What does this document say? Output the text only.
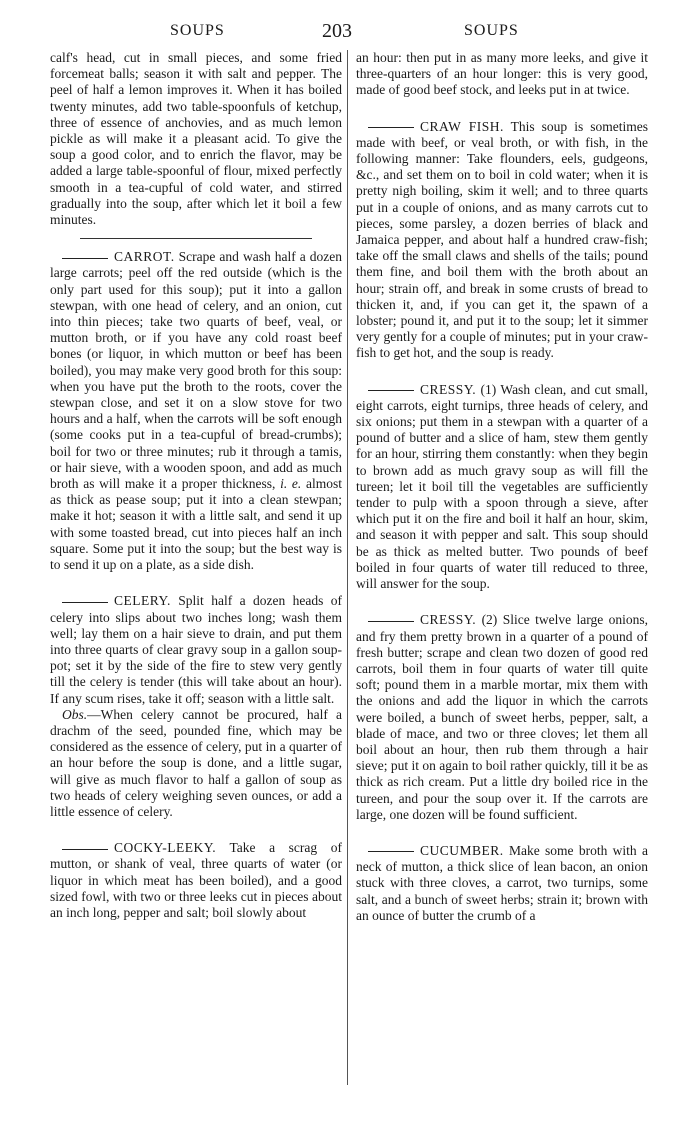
SOUPS	203	SOUPS

calf's head, cut in small pieces, and some fried forcemeat balls; season it with salt and pepper. The peel of half a lemon improves it. When it has boiled twenty minutes, add two table-spoonfuls of ketchup, three of essence of anchovies, and as much lemon pickle as will make it a pleasant acid. To give the soup a good color, and to enrich the flavor, may be added a large table-spoonful of flour, mixed perfectly smooth in a tea-cupful of cold water, and stirred gradually into the soup, after which let it boil a few minutes.

CARROT. Scrape and wash half a dozen large carrots; peel off the red outside (which is the only part used for this soup); put it into a gallon stewpan, with one head of celery, and an onion, cut into thin pieces; take two quarts of beef, veal, or mutton broth, or if you have any cold roast beef bones (or liquor, in which mutton or beef has been boiled), you may make very good broth for this soup: when you have put the broth to the roots, cover the stewpan close, and set it on a slow stove for two hours and a half, when the carrots will be soft enough (some cooks put in a tea-cupful of bread-crumbs); boil for two or three minutes; rub it through a tamis, or hair sieve, with a wooden spoon, and add as much broth as will make it a proper thickness, i. e. almost as thick as pease soup; put it into a clean stewpan; make it hot; season it with a little salt, and send it up with some toasted bread, cut into pieces half an inch square. Some put it into the soup; but the best way is to send it up on a plate, as a side dish.

CELERY. Split half a dozen heads of celery into slips about two inches long; wash them well; lay them on a hair sieve to drain, and put them into three quarts of clear gravy soup in a gallon soup-pot; set it by the side of the fire to stew very gently till the celery is tender (this will take about an hour). If any scum rises, take it off; season with a little salt.

Obs.—When celery cannot be procured, half a drachm of the seed, pounded fine, which may be considered as the essence of celery, put in a quarter of an hour before the soup is done, and a little sugar, will give as much flavor to half a gallon of soup as two heads of celery weighing seven ounces, or add a little essence of celery.

COCKY-LEEKY. Take a scrag of mutton, or shank of veal, three quarts of water (or liquor in which meat has been boiled), and a good sized fowl, with two or three leeks cut in pieces about an inch long, pepper and salt; boil slowly about

an hour: then put in as many more leeks, and give it three-quarters of an hour longer: this is very good, made of good beef stock, and leeks put in at twice.

CRAW FISH. This soup is sometimes made with beef, or veal broth, or with fish, in the following manner: Take flounders, eels, gudgeons, &c., and set them on to boil in cold water; when it is pretty nigh boiling, skim it well; and to three quarts put in a couple of onions, and as many carrots cut to pieces, some parsley, a dozen berries of black and Jamaica pepper, and about half a hundred craw-fish; take off the small claws and shells of the tails; pound them fine, and boil them with the broth about an hour; strain off, and break in some crusts of bread to thicken it, and, if you can get it, the spawn of a lobster; pound it, and put it to the soup; let it simmer very gently for a couple of minutes; put in your craw-fish to get hot, and the soup is ready.

CRESSY. (1) Wash clean, and cut small, eight carrots, eight turnips, three heads of celery, and six onions; put them in a stewpan with a quarter of a pound of butter and a slice of ham, stew them gently for an hour, stirring them constantly: when they begin to brown add as much gravy soup as will fill the tureen; let it boil till the vegetables are sufficiently tender to pulp with a spoon through a sieve, after which put it on the fire and boil it half an hour, skim, and season it with pepper and salt. This soup should be as thick as melted butter. Two pounds of beef boiled in four quarts of water till reduced to three, will answer for the soup.

CRESSY. (2) Slice twelve large onions, and fry them pretty brown in a quarter of a pound of fresh butter; scrape and clean two dozen of good red carrots, boil them in four quarts of water till quite soft; pound them in a marble mortar, mix them with the onions and add the liquor in which the carrots were boiled, a bunch of sweet herbs, pepper, salt, a blade of mace, and two or three cloves; let them all boil about an hour, then rub them through a hair sieve; put it on again to boil rather quickly, till it be as thick as rich cream. Put a little dry boiled rice in the tureen, and pour the soup over it. If the carrots are large, one dozen will be found sufficient.

CUCUMBER. Make some broth with a neck of mutton, a thick slice of lean bacon, an onion stuck with three cloves, a carrot, two turnips, some salt, and a bunch of sweet herbs; strain it; brown with an ounce of butter the crumb of a
